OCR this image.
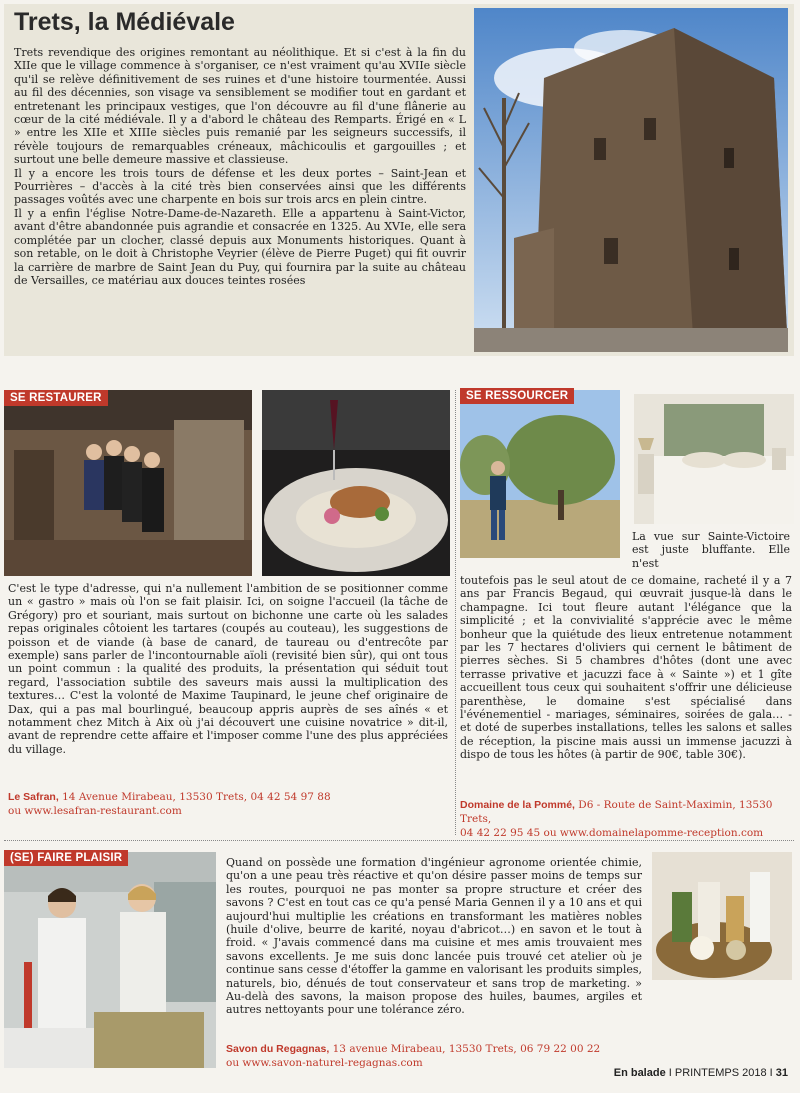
Trets, la Médiévale

Trets revendique des origines remontant au néolithique. Et si c'est à la fin du XIIe que le village commence à s'organiser, ce n'est vraiment qu'au XVIIe siècle qu'il se relève définitivement de ses ruines et d'une histoire tourmentée. Aussi au fil des décennies, son visage va sensiblement se modifier tout en gardant et entretenant les principaux vestiges, que l'on découvre au fil d'une flânerie au cœur de la cité médiévale. Il y a d'abord le château des Remparts. Érigé en « L » entre les XIIe et XIIIe siècles puis remanié par les seigneurs successifs, il révèle toujours de remarquables créneaux, mâchicoulis et gargouilles ; et surtout une belle demeure massive et classieuse.

Il y a encore les trois tours de défense et les deux portes – Saint-Jean et Pourrières – d'accès à la cité très bien conservées ainsi que les différents passages voûtés avec une charpente en bois sur trois arcs en plein cintre.

Il y a enfin l'église Notre-Dame-de-Nazareth. Elle a appartenu à Saint-Victor, avant d'être abandonnée puis agrandie et consacrée en 1325. Au XVIe, elle sera complétée par un clocher, classé depuis aux Monuments historiques. Quant à son retable, on le doit à Christophe Veyrier (élève de Pierre Puget) qui fit ouvrir la carrière de marbre de Saint Jean du Puy, qui fournira par la suite au château de Versailles, ce matériau aux douces teintes rosées

SE RESTAURER

C'est le type d'adresse, qui n'a nullement l'ambition de se positionner comme un « gastro » mais où l'on se fait plaisir. Ici, on soigne l'accueil (la tâche de Grégory) pro et souriant, mais surtout on bichonne une carte où les salades repas originales côtoient les tartares (coupés au couteau), les suggestions de poisson et de viande (à base de canard, de taureau ou d'entrecôte par exemple) sans parler de l'incontournable aïoli (revisité bien sûr), qui ont tous un point commun : la qualité des produits, la présentation qui séduit tout regard, l'association subtile des saveurs mais aussi la multiplication des textures… C'est la volonté de Maxime Taupinard, le jeune chef originaire de Dax, qui a pas mal bourlingué, beaucoup appris auprès de ses aînés « et notamment chez Mitch à Aix où j'ai découvert une cuisine novatrice » dit-il, avant de reprendre cette affaire et l'imposer comme l'une des plus appréciées du village.

Le Safran, 14 Avenue Mirabeau, 13530 Trets, 04 42 54 97 88
ou www.lesafran-restaurant.com

SE RESSOURCER

La vue sur Sainte-Victoire est juste bluffante. Elle n'est

toutefois pas le seul atout de ce domaine, racheté il y a 7 ans par Francis Begaud, qui œuvrait jusque-là dans le champagne. Ici tout fleure autant l'élégance que la simplicité ; et la convivialité s'apprécie avec le même bonheur que la quiétude des lieux entretenue notamment par les 7 hectares d'oliviers qui cernent le bâtiment de pierres sèches. Si 5 chambres d'hôtes (dont une avec terrasse privative et jacuzzi face à « Sainte ») et 1 gîte accueillent tous ceux qui souhaitent s'offrir une délicieuse parenthèse, le domaine s'est spécialisé dans l'événementiel - mariages, séminaires, soirées de gala… - et doté de superbes installations, telles les salons et salles de réception, la piscine mais aussi un immense jacuzzi à dispo de tous les hôtes (à partir de 90€, table 30€).

Domaine de la Pommé, D6 - Route de Saint-Maximin, 13530 Trets,
04 42 22 95 45 ou www.domainelapomme-reception.com

(SE) FAIRE PLAISIR	Quand on possède une formation d'ingénieur agronome orientée chimie, qu'on a une peau très réactive et qu'on désire passer moins de temps sur les routes, pourquoi ne pas monter sa propre structure et créer des savons ? C'est en tout cas ce qu'a pensé Maria Gennen il y a 10 ans et qui aujourd'hui multiplie les créations en transformant les matières nobles (huile d'olive, beurre de karité, noyau d'abricot…) en savon et le tout à froid. « J'avais commencé dans ma cuisine et mes amis trouvaient mes savons excellents. Je me suis donc lancée puis trouvé cet atelier où je continue sans cesse d'étoffer la gamme en valorisant les produits simples, naturels, bio, dénués de tout conservateur et sans trop de marketing. » Au-delà des savons, la maison propose des huiles, baumes, argiles et autres nettoyants pour une tolérance zéro.

Savon du Regagnas, 13 avenue Mirabeau, 13530 Trets, 06 79 22 00 22
ou www.savon-naturel-regagnas.com

En balade I PRINTEMPS 2018 I 31
